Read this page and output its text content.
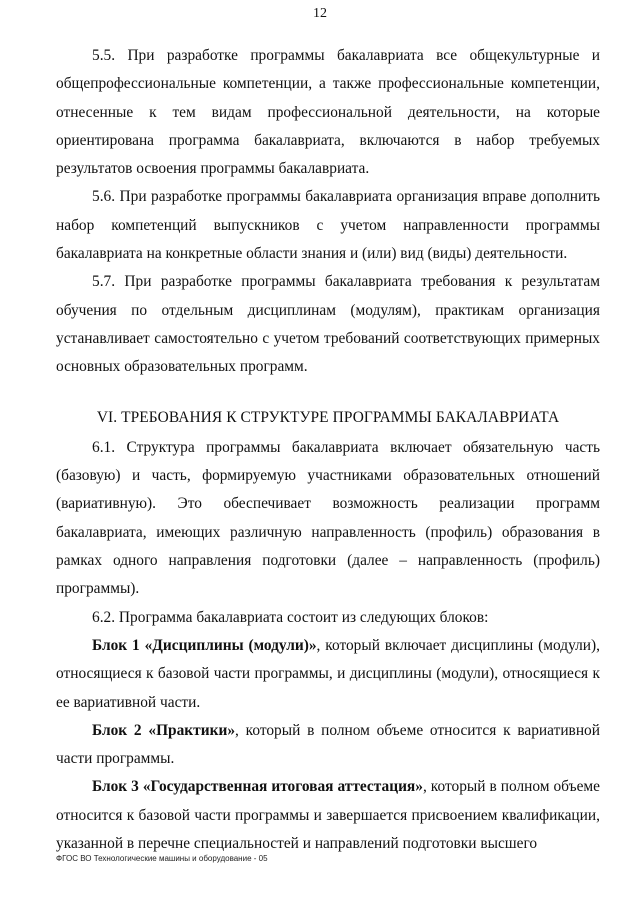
12

5.5. При разработке программы бакалавриата все общекультурные и общепрофессиональные компетенции, а также профессиональные компетенции, отнесенные к тем видам профессиональной деятельности, на которые ориентирована программа бакалавриата, включаются в набор требуемых результатов освоения программы бакалавриата.

5.6. При разработке программы бакалавриата организация вправе дополнить набор компетенций выпускников с учетом направленности программы бакалавриата на конкретные области знания и (или) вид (виды) деятельности.

5.7. При разработке программы бакалавриата требования к результатам обучения по отдельным дисциплинам (модулям), практикам организация устанавливает самостоятельно с учетом требований соответствующих примерных основных образовательных программ.

VI. ТРЕБОВАНИЯ К СТРУКТУРЕ ПРОГРАММЫ БАКАЛАВРИАТА

6.1. Структура программы бакалавриата включает обязательную часть (базовую) и часть, формируемую участниками образовательных отношений (вариативную). Это обеспечивает возможность реализации программ бакалавриата, имеющих различную направленность (профиль) образования в рамках одного направления подготовки (далее – направленность (профиль) программы).

6.2. Программа бакалавриата состоит из следующих блоков:

Блок 1 «Дисциплины (модули)», который включает дисциплины (модули), относящиеся к базовой части программы, и дисциплины (модули), относящиеся к ее вариативной части.

Блок 2 «Практики», который в полном объеме относится к вариативной части программы.

Блок 3 «Государственная итоговая аттестация», который в полном объеме относится к базовой части программы и завершается присвоением квалификации, указанной в перечне специальностей и направлений подготовки высшего

ФГОС ВО Технологические машины и оборудование - 05
